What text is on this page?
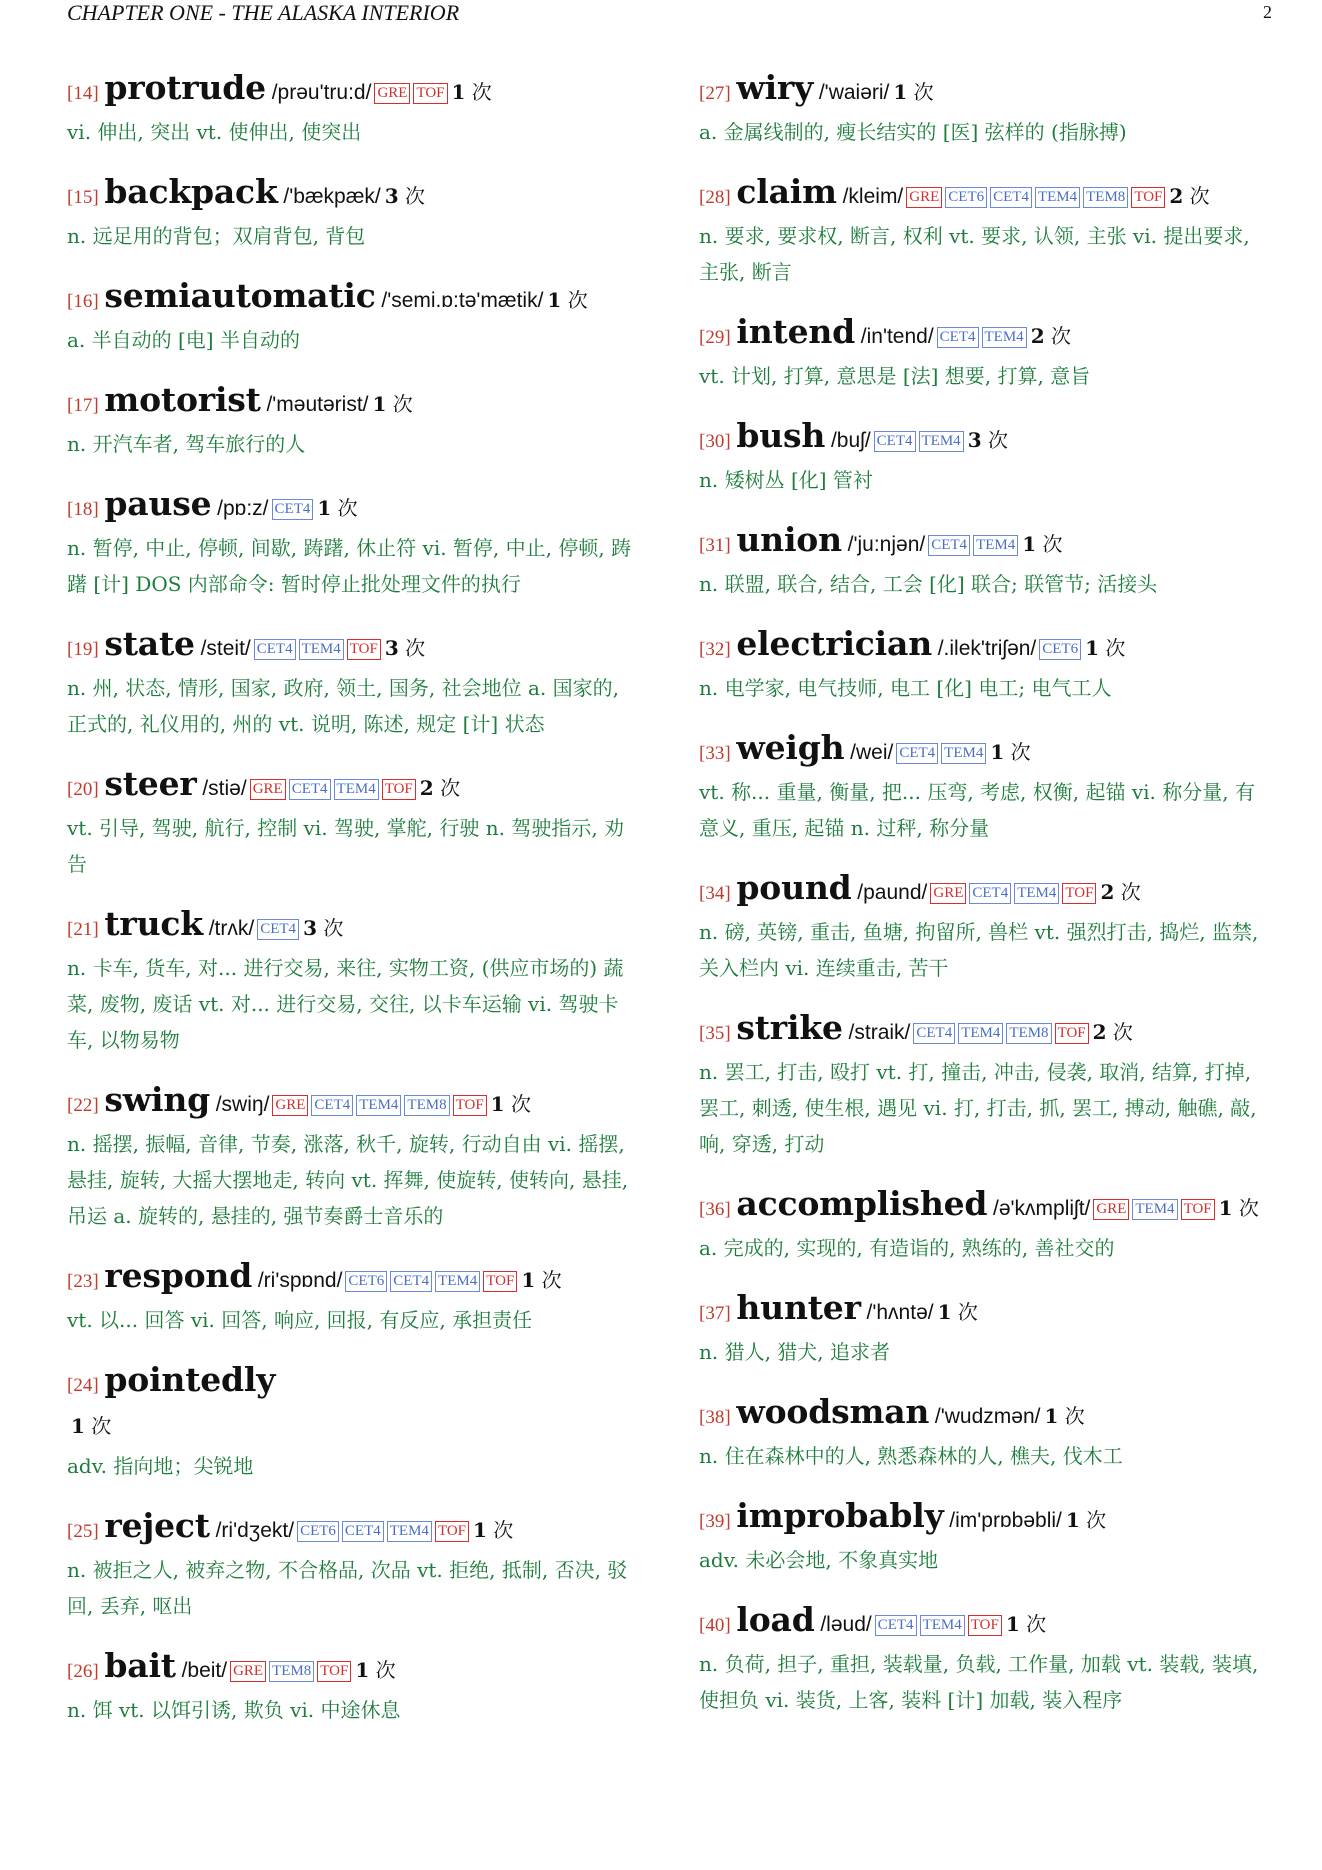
CHAPTER ONE - THE ALASKA INTERIOR	2
[14] protrude /prəu'tru:d/ GRE TOF 1 次
vi. 伸出, 突出 vt. 使伸出, 使突出
[15] backpack /'bækpæk/ 3 次
n. 远足用的背包；双肩背包, 背包
[16] semiautomatic /'semi.ɒ:tə'mætik/ 1 次
a. 半自动的 [电] 半自动的
[17] motorist /'məutərist/ 1 次
n. 开汽车者, 驾车旅行的人
[18] pause /pɒ:z/ CET4 1 次
n. 暂停, 中止, 停顿, 间歇, 踌躇, 休止符 vi. 暂停, 中止, 停顿, 踌躇 [计] DOS 内部命令: 暂时停止批处理文件的执行
[19] state /steit/ CET4 TEM4 TOF 3 次
n. 州, 状态, 情形, 国家, 政府, 领土, 国务, 社会地位 a. 国家的, 正式的, 礼仪用的, 州的 vt. 说明, 陈述, 规定 [计] 状态
[20] steer /stiə/ GRE CET4 TEM4 TOF 2 次
vt. 引导, 驾驶, 航行, 控制 vi. 驾驶, 掌舵, 行驶 n. 驾驶指示, 劝告
[21] truck /trʌk/ CET4 3 次
n. 卡车, 货车, 对... 进行交易, 来往, 实物工资, (供应市场的) 蔬菜, 废物, 废话 vt. 对... 进行交易, 交往, 以卡车运输 vi. 驾驶卡车, 以物易物
[22] swing /swiŋ/ GRE CET4 TEM4 TEM8 TOF 1 次
n. 摇摆, 振幅, 音律, 节奏, 涨落, 秋千, 旋转, 行动自由 vi. 摇摆, 悬挂, 旋转, 大摇大摆地走, 转向 vt. 挥舞, 使旋转, 使转向, 悬挂, 吊运 a. 旋转的, 悬挂的, 强节奏爵士音乐的
[23] respond /ri'spɒnd/ CET6 CET4 TEM4 TOF 1 次
vt. 以... 回答 vi. 回答, 响应, 回报, 有反应, 承担责任
[24] pointedly
1 次
adv. 指向地；尖锐地
[25] reject /ri'dʒekt/ CET6 CET4 TEM4 TOF 1 次
n. 被拒之人, 被弃之物, 不合格品, 次品 vt. 拒绝, 抵制, 否决, 驳回, 丢弃, 呕出
[26] bait /beit/ GRE TEM8 TOF 1 次
n. 饵 vt. 以饵引诱, 欺负 vi. 中途休息
[27] wiry /'waiəri/ 1 次
a. 金属线制的, 瘦长结实的 [医] 弦样的 (指脉搏)
[28] claim /kleim/ GRE CET6 CET4 TEM4 TEM8 TOF 2 次
n. 要求, 要求权, 断言, 权利 vt. 要求, 认领, 主张 vi. 提出要求, 主张, 断言
[29] intend /in'tend/ CET4 TEM4 2 次
vt. 计划, 打算, 意思是 [法] 想要, 打算, 意旨
[30] bush /buʃ/ CET4 TEM4 3 次
n. 矮树丛 [化] 管衬
[31] union /'ju:njən/ CET4 TEM4 1 次
n. 联盟, 联合, 结合, 工会 [化] 联合; 联管节; 活接头
[32] electrician /.ilek'triʃən/ CET6 1 次
n. 电学家, 电气技师, 电工 [化] 电工; 电气工人
[33] weigh /wei/ CET4 TEM4 1 次
vt. 称... 重量, 衡量, 把... 压弯, 考虑, 权衡, 起锚 vi. 称分量, 有意义, 重压, 起锚 n. 过秤, 称分量
[34] pound /paund/ GRE CET4 TEM4 TOF 2 次
n. 磅, 英镑, 重击, 鱼塘, 拘留所, 兽栏 vt. 强烈打击, 捣烂, 监禁, 关入栏内 vi. 连续重击, 苦干
[35] strike /straik/ CET4 TEM4 TEM8 TOF 2 次
n. 罢工, 打击, 殴打 vt. 打, 撞击, 冲击, 侵袭, 取消, 结算, 打掉, 罢工, 刺透, 使生根, 遇见 vi. 打, 打击, 抓, 罢工, 搏动, 触礁, 敲, 响, 穿透, 打动
[36] accomplished /ə'kʌmpliʃt/ GRE TEM4 TOF 1 次
a. 完成的, 实现的, 有造诣的, 熟练的, 善社交的
[37] hunter /'hʌntə/ 1 次
n. 猎人, 猎犬, 追求者
[38] woodsman /'wudzmən/ 1 次
n. 住在森林中的人, 熟悉森林的人, 樵夫, 伐木工
[39] improbably /im'prɒbəbli/ 1 次
adv. 未必会地, 不象真实地
[40] load /ləud/ CET4 TEM4 TOF 1 次
n. 负荷, 担子, 重担, 装载量, 负载, 工作量, 加载 vt. 装载, 装填, 使担负 vi. 装货, 上客, 装料 [计] 加载, 装入程序
